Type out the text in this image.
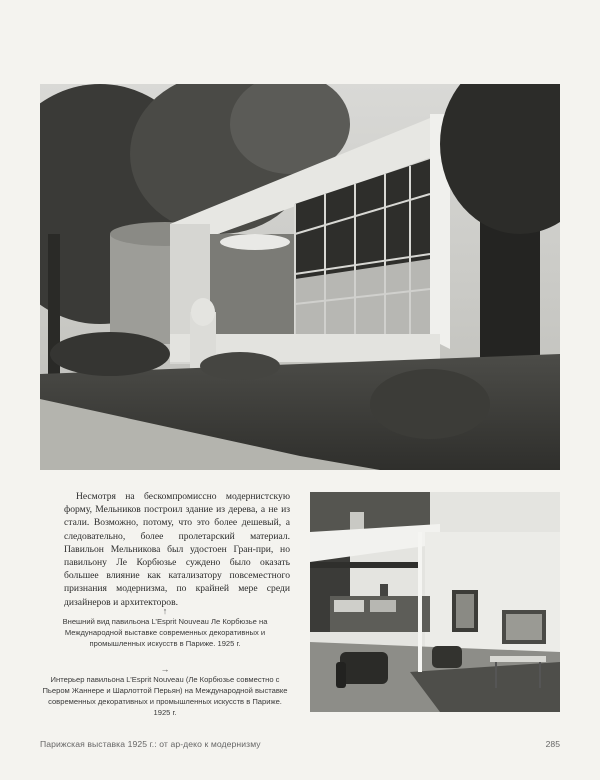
Несмотря на бескомпромиссно модернистскую форму, Мельников построил здание из дерева, а не из стали. Возможно, потому, что это более дешевый, а следовательно, более пролетарский материал. Павильон Мельникова был удостоен Гран-при, но павильону Ле Корбюзье суждено было оказать большее влияние как катализатору повсеместного признания модернизма, по крайней мере среди дизайнеров и архитекторов.

↑
Внешний вид павильона L’Esprit Nouveau Ле Корбюзье на Международной выставке современных декоративных и промышленных искусств в Париже. 1925 г.
→
Интерьер павильона L’Esprit Nouveau (Ле Корбюзье совместно с Пьером Жаннере и Шарлоттой Перьян) на Международной выставке современных декоративных и промышленных искусств в Париже. 1925 г.
Парижская выставка 1925 г.: от ар-деко к модернизму	285
